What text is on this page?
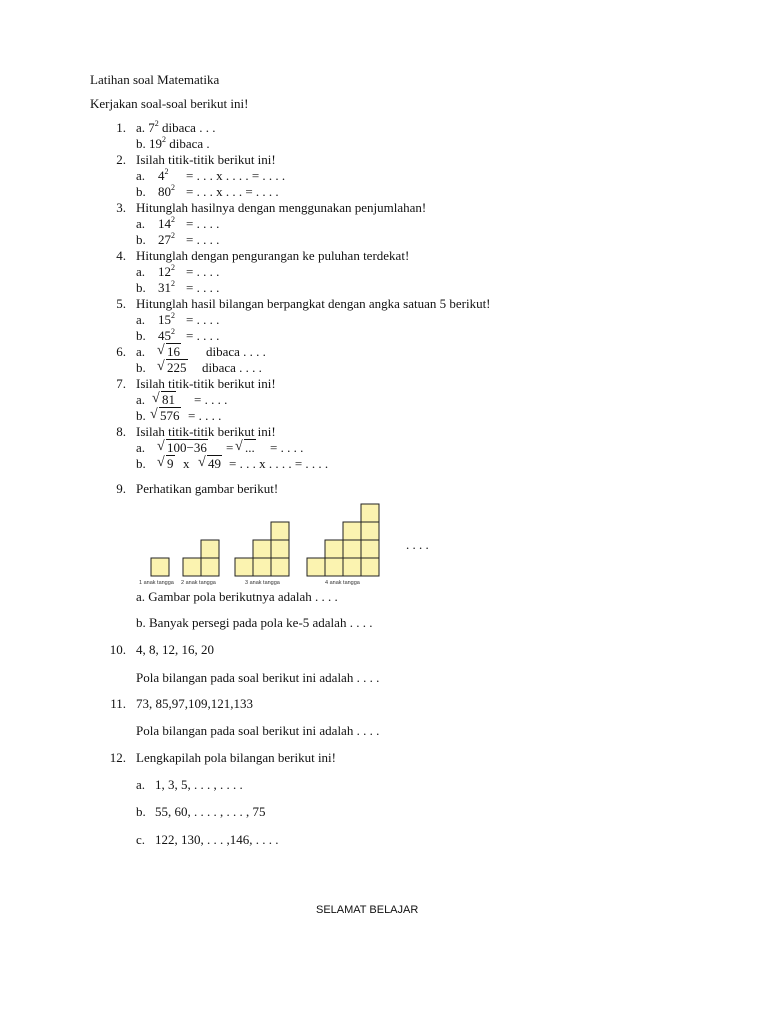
Latihan soal Matematika
Kerjakan soal-soal berikut ini!
1. a. $7^2$ dibaca . . .
b. $19^2$ dibaca .
2. Isilah titik-titik berikut ini!
a. $4^2$ = . . . x . . . . = . . . .
b. $80^2$ = . . . x . . . = . . . .
3. Hitunglah hasilnya dengan menggunakan penjumlahan!
a. $14^2$ = . . . .
b. $27^2$ = . . . .
4. Hitunglah dengan pengurangan ke puluhan terdekat!
a. $12^2$ = . . . .
b. $31^2$ = . . . .
5. Hitunglah hasil bilangan berpangkat dengan angka satuan 5 berikut!
a. $15^2$ = . . . .
b. $45^2$ = . . . .
6. a. √ 16 dibaca . . . .
b. √ 225 dibaca . . . .
7. Isilah titik-titik berikut ini!
a. √ 81 = . . . .
b. √ 576 = . . . .
8. Isilah titik-titik berikut ini!
a. √ 100−36 = √ ... = . . . .
b. √ 9 x √ 49 = . . . x . . . . = . . . .
9. Perhatikan gambar berikut!
1 anak tangga 2 anak tangga	3 anak tangga	4 anak tangga
. . . .
a. Gambar pola berikutnya adalah . . . .
b. Banyak persegi pada pola ke-5 adalah . . . .
10. 4, 8, 12, 16, 20
Pola bilangan pada soal berikut ini adalah . . . .
11. 73, 85,97,109,121,133
Pola bilangan pada soal berikut ini adalah . . . .
12. Lengkapilah pola bilangan berikut ini!
a. 1, 3, 5, . . . , . . . .
b. 55, 60, . . . . , . . . , 75
c. 122, 130, . . . ,146, . . . .
SELAMAT BELAJAR
